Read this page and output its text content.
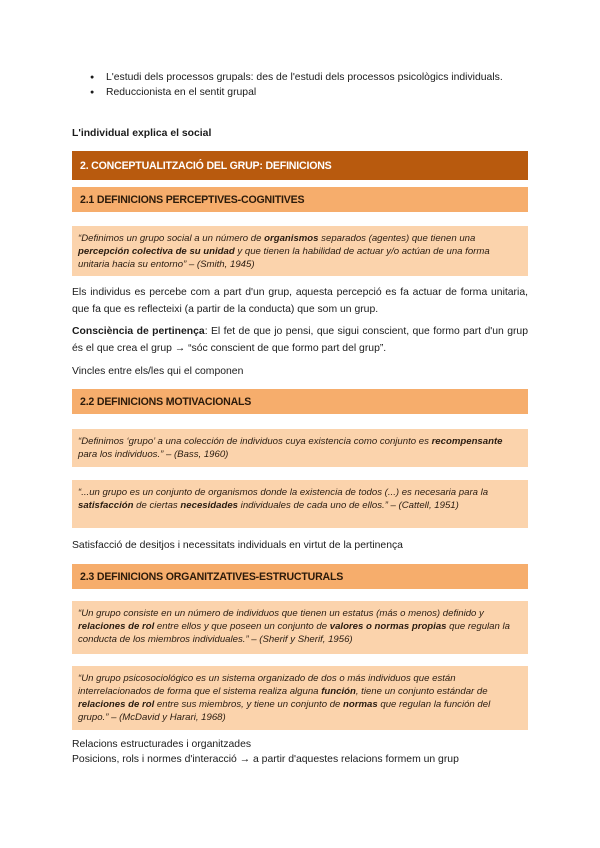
● L'estudi dels processos grupals: des de l'estudi dels processos psicològics individuals.
● Reduccionista en el sentit grupal
L'individual explica el social
2. CONCEPTUALITZACIÓ DEL GRUP: DEFINICIONS
2.1 DEFINICIONS PERCEPTIVES-COGNITIVES
“Definimos un grupo social a un número de organismos separados (agentes) que tienen una percepción colectiva de su unidad y que tienen la habilidad de actuar y/o actúan de una forma unitaria hacia su entorno” – (Smith, 1945)
Els individus es percebe com a part d'un grup, aquesta percepció es fa actuar de forma unitaria, que fa que es reflecteixi (a partir de la conducta) que som un grup.
Consciència de pertinença: El fet de que jo pensi, que sigui conscient, que formo part d'un grup és el que crea el grup → “sóc conscient de que formo part del grup”.
Vincles entre els/les qui el componen
2.2 DEFINICIONS MOTIVACIONALS
“Definimos ‘grupo’ a una colección de individuos cuya existencia como conjunto es recompensante para los individuos.” – (Bass, 1960)
“...un grupo es un conjunto de organismos donde la existencia de todos (...) es necesaria para la satisfacción de ciertas necesidades individuales de cada uno de ellos.” – (Cattell, 1951)
Satisfacció de desitjos i necessitats individuals en virtut de la pertinença
2.3 DEFINICIONS ORGANITZATIVES-ESTRUCTURALS
“Un grupo consiste en un número de individuos que tienen un estatus (más o menos) definido y relaciones de rol entre ellos y que poseen un conjunto de valores o normas propias que regulan la conducta de los miembros individuales.” – (Sherif y Sherif, 1956)
“Un grupo psicosociológico es un sistema organizado de dos o más individuos que están interrelacionados de forma que el sistema realiza alguna función, tiene un conjunto estándar de relaciones de rol entre sus miembros, y tiene un conjunto de normas que regulan la función del grupo.” – (McDavid y Harari, 1968)
Relacions estructurades i organitzades
Posicions, rols i normes d'interacció → a partir d'aquestes relacions formem un grup
